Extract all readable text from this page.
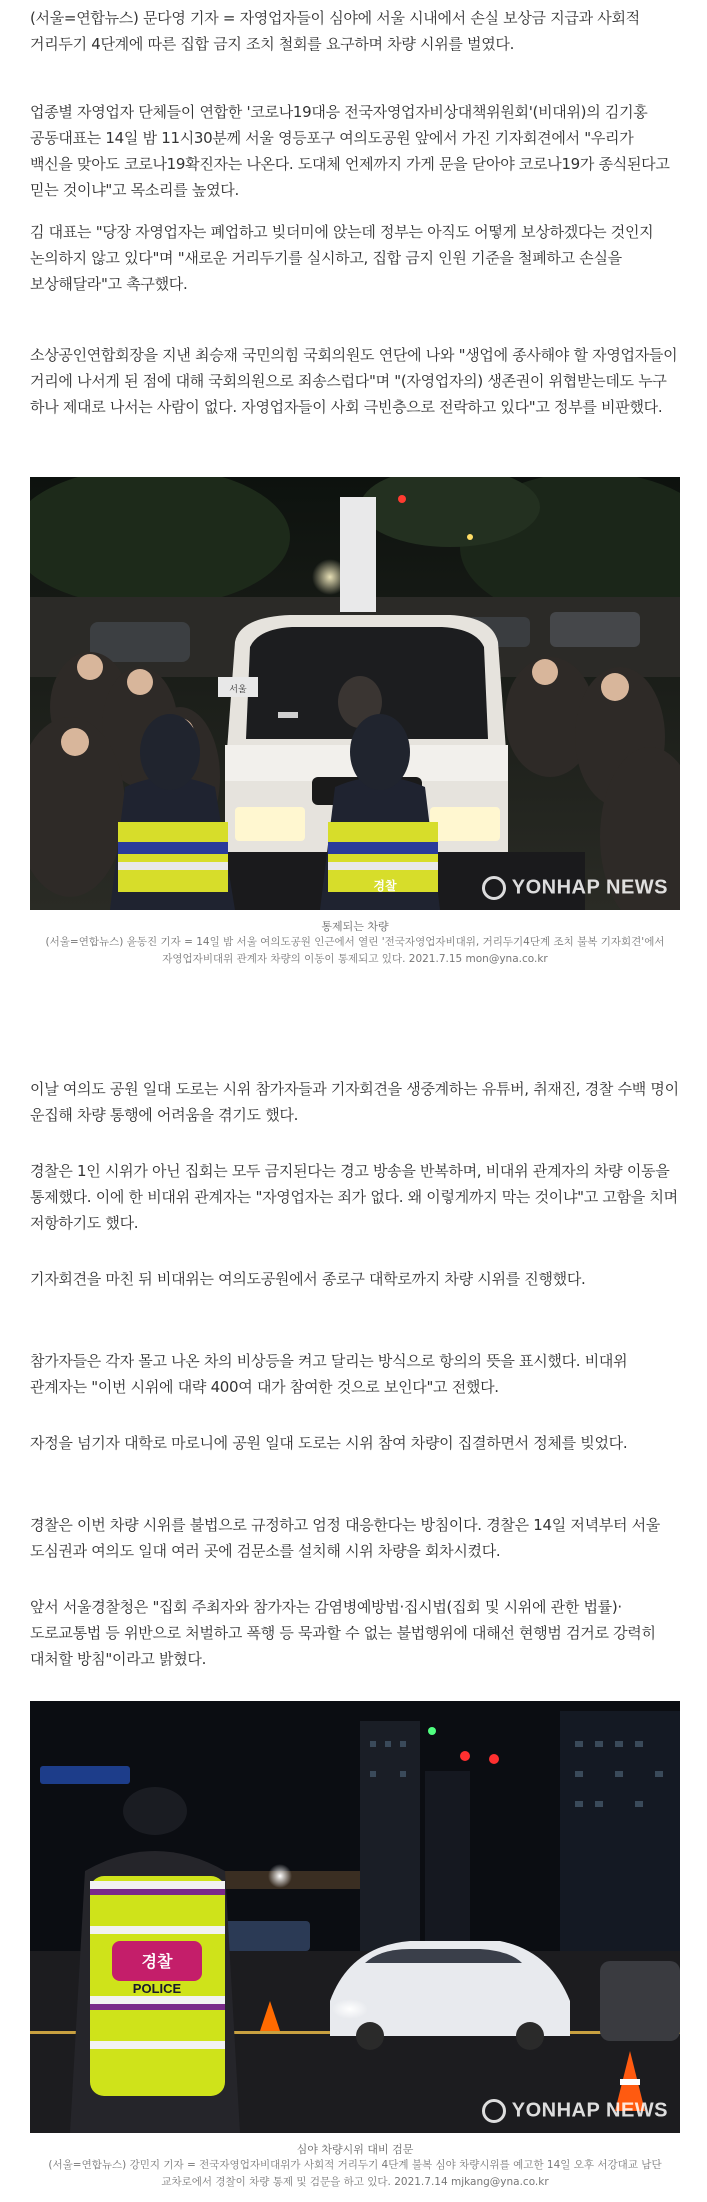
(서울=연합뉴스) 문다영 기자 = 자영업자들이 심야에 서울 시내에서 손실 보상금 지급과 사회적 거리두기 4단계에 따른 집합 금지 조치 철회를 요구하며 차량 시위를 벌였다.

업종별 자영업자 단체들이 연합한 '코로나19대응 전국자영업자비상대책위원회'(비대위)의 김기홍 공동대표는 14일 밤 11시30분께 서울 영등포구 여의도공원 앞에서 가진 기자회견에서 "우리가 백신을 맞아도 코로나19확진자는 나온다. 도대체 언제까지 가게 문을 닫아야 코로나19가 종식된다고 믿는 것이냐"고 목소리를 높였다.

김 대표는 "당장 자영업자는 폐업하고 빚더미에 앉는데 정부는 아직도 어떻게 보상하겠다는 것인지 논의하지 않고 있다"며 "새로운 거리두기를 실시하고, 집합 금지 인원 기준을 철폐하고 손실을 보상해달라"고 촉구했다.

소상공인연합회장을 지낸 최승재 국민의힘 국회의원도 연단에 나와 "생업에 종사해야 할 자영업자들이 거리에 나서게 된 점에 대해 국회의원으로 죄송스럽다"며 "(자영업자의) 생존권이 위협받는데도 누구 하나 제대로 나서는 사람이 없다. 자영업자들이 사회 극빈층으로 전락하고 있다"고 정부를 비판했다.

서울
경찰	YONHAP NEWS

통제되는 차량

(서울=연합뉴스) 윤동진 기자 = 14일 밤 서울 여의도공원 인근에서 열린 '전국자영업자비대위, 거리두기4단계 조치 불복 기자회견'에서 자영업자비대위 관계자 차량의 이동이 통제되고 있다. 2021.7.15 mon@yna.co.kr

이날 여의도 공원 일대 도로는 시위 참가자들과 기자회견을 생중계하는 유튜버, 취재진, 경찰 수백 명이 운집해 차량 통행에 어려움을 겪기도 했다.

경찰은 1인 시위가 아닌 집회는 모두 금지된다는 경고 방송을 반복하며, 비대위 관계자의 차량 이동을 통제했다. 이에 한 비대위 관계자는 "자영업자는 죄가 없다. 왜 이렇게까지 막는 것이냐"고 고함을 치며 저항하기도 했다.

기자회견을 마친 뒤 비대위는 여의도공원에서 종로구 대학로까지 차량 시위를 진행했다.

참가자들은 각자 몰고 나온 차의 비상등을 켜고 달리는 방식으로 항의의 뜻을 표시했다. 비대위 관계자는 "이번 시위에 대략 400여 대가 참여한 것으로 보인다"고 전했다.

자정을 넘기자 대학로 마로니에 공원 일대 도로는 시위 참여 차량이 집결하면서 정체를 빚었다.

경찰은 이번 차량 시위를 불법으로 규정하고 엄정 대응한다는 방침이다. 경찰은 14일 저녁부터 서울 도심권과 여의도 일대 여러 곳에 검문소를 설치해 시위 차량을 회차시켰다.

앞서 서울경찰청은 "집회 주최자와 참가자는 감염병예방법·집시법(집회 및 시위에 관한 법률)·도로교통법 등 위반으로 처벌하고 폭행 등 묵과할 수 없는 불법행위에 대해선 현행범 검거로 강력히 대처할 방침"이라고 밝혔다.

경찰
POLICE
YONHAP NEWS

심야 차량시위 대비 검문

(서울=연합뉴스) 강민지 기자 = 전국자영업자비대위가 사회적 거리두기 4단계 불복 심야 차량시위를 예고한 14일 오후 서강대교 남단 교차로에서 경찰이 차량 통제 및 검문을 하고 있다. 2021.7.14 mjkang@yna.co.kr
